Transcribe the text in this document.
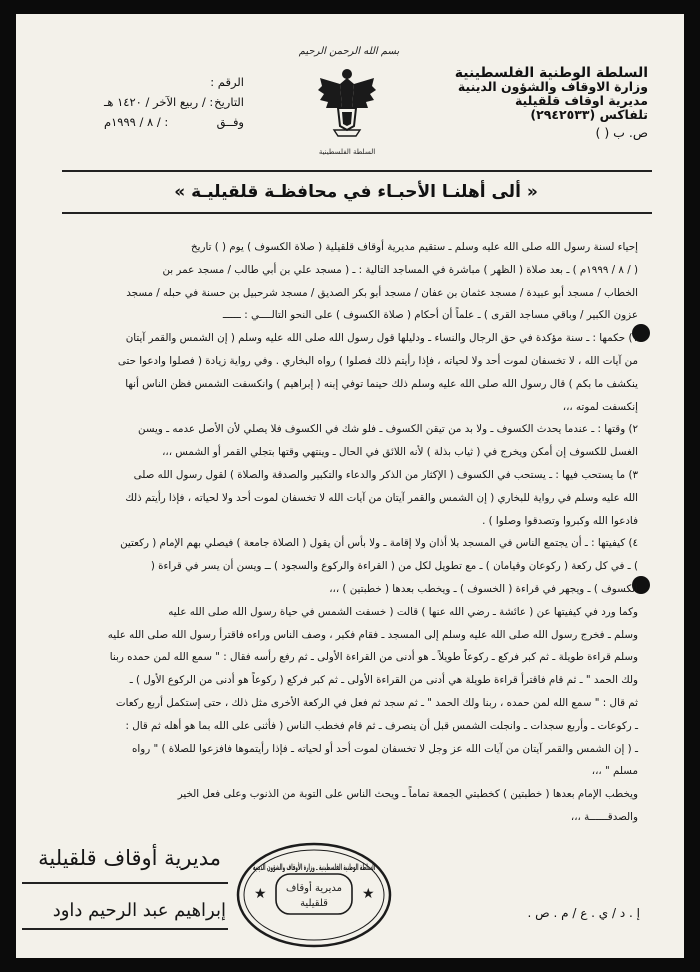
السلطة الوطنية الفلسطينية
وزارة الاوقاف والشؤون الدينية
مديرية اوقاف قلقيلية
تلفاكس (٢٩٤٢٥٣٣)
ص. ب ( )
بسم الله الرحمن الرحيم
السلطة الفلسطينية
الرقم :
التاريخ
: / ربيع الآخر / ١٤٢٠ هـ
وفــق
: / ٨ / ١٩٩٩م
« ألى أهلنـا الأحبـاء في محافظـة قلقيليـة »

إحياء لسنة رسول الله صلى الله عليه وسلم ـ ستقيم مديرية أوقاف قلقيلية ( صلاة الكسوف ) يوم ( ) تاريخ

( / ٨ / ١٩٩٩م ) ـ بعد صلاة ( الظهر ) مباشرة في المساجد التالية : ـ ( مسجد علي بن أبي طالب / مسجد عمر بن

الخطاب / مسجد أبو عبيدة / مسجد عثمان بن عفان / مسجد أبو بكر الصديق / مسجد شرحبيل بن حسنة في حبله / مسجد

عزون الكبير / وباقي مساجد القرى ) ـ علماً أن أحكام ( صلاة الكسوف ) على النحو التالــــي : ــــــ

١) حكمها : ـ سنة مؤكدة في حق الرجال والنساء ـ ودليلها قول رسول الله صلى الله عليه وسلم ( إن الشمس والقمر آيتان

من آيات الله ، لا تخسفان لموت أحد ولا لحياته ، فإذا رأيتم ذلك فصلوا ) رواه البخاري . وفي رواية زيادة ( فصلوا وادعوا حتى

ينكشف ما بكم ) قال رسول الله صلى الله عليه وسلم ذلك حينما توفي إبنه ( إبراهيم ) وانكسفت الشمس فظن الناس أنها

إنكسفت لموته ،،،

٢) وقتها : ـ عندما يحدث الكسوف ـ ولا بد من تيقن الكسوف ـ فلو شك في الكسوف فلا يصلي لأن الأصل عدمه ـ ويسن

الغسل للكسوف إن أمكن ويخرج في ( ثياب بذلة ) لأنه اللائق في الحال ـ وينتهي وقتها بتجلي القمر أو الشمس ،،،

٣) ما يستحب فيها : ـ يستحب في الكسوف ( الإكثار من الذكر والدعاء والتكبير والصدقة والصلاة ) لقول رسول الله صلى

الله عليه وسلم في رواية للبخاري ( إن الشمس والقمر آيتان من آيات الله لا تخسفان لموت أحد ولا لحياته ، فإذا رأيتم ذلك

فادعوا الله وكبروا وتصدقوا وصلوا ) .

٤) كيفيتها : ـ أن يجتمع الناس في المسجد بلا أذان ولا إقامة ـ ولا بأس أن يقول ( الصلاة جامعة ) فيصلي بهم الإمام ( ركعتين

) ـ في كل ركعة ( ركوعان وقيامان ) ـ مع تطويل لكل من ( القراءة والركوع والسجود ) ــ ويسن أن يسر في قراءة (

الكسوف ) ـ ويجهر في قراءة ( الخسوف ) ـ ويخطب بعدها ( خطبتين ) ،،،

وكما ورد في كيفيتها عن ( عائشة ـ رضي الله عنها ) قالت ( خسفت الشمس في حياة رسول الله صلى الله عليه

وسلم ـ فخرج رسول الله صلى الله عليه وسلم إلى المسجد ـ فقام فكبر ، وصف الناس وراءه فاقترأ رسول الله صلى الله عليه

وسلم قراءة طويلة ـ ثم كبر فركع ـ ركوعاً طويلاً ـ هو أدنى من القراءة الأولى ـ ثم رفع رأسه فقال : " سمع الله لمن حمده ربنا

ولك الحمد " ـ ثم قام فاقترأ قراءة طويلة هي أدنى من القراءة الأولى ـ ثم كبر فركع ( ركوعاً هو أدنى من الركوع الأول ) ـ

ثم قال : " سمع الله لمن حمده ، ربنا ولك الحمد " ـ ثم سجد ثم فعل في الركعة الأخرى مثل ذلك ، حتى إستكمل أربع ركعات

ـ ركوعات ـ وأربع سجدات ـ وانجلت الشمس قبل أن ينصرف ـ ثم قام فخطب الناس ( فأثنى على الله بما هو أهله ثم قال :

ـ ( إن الشمس والقمر آيتان من آيات الله عز وجل لا تخسفان لموت أحد أو لحياته ـ فإذا رأيتموها فافزعوا للصلاة ) " رواه

مسلم " ،،،

ويخطب الإمام بعدها ( خطبتين ) كخطبتي الجمعة تماماً ـ ويحث الناس على التوبة من الذنوب وعلى فعل الخير

والصدقــــــة ،،،

مديرية أوقاف قلقيلية
إبراهيم عبد الرحيم داود
★	★
السلطة الوطنية الفلسطينية ـ وزارة الأوقاف والشؤون الدينية
مديرية أوقاف
قلقيلية
إ . د / ي . ع / م . ص .
